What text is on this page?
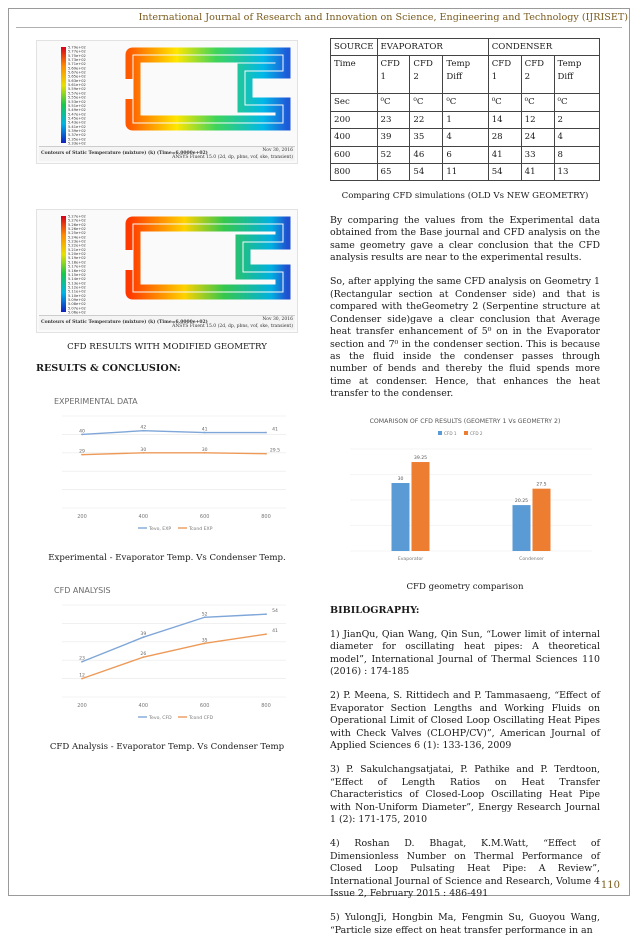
International Journal of Research and Innovation on Science, Engineering and Technology (IJRISET)
5.79e+02
5.77e+02
5.75e+02
5.73e+02
5.71e+02
5.69e+02
5.67e+02
5.65e+02
5.63e+02
5.61e+02
5.59e+02
5.57e+02
5.55e+02
5.53e+02
5.51e+02
5.49e+02
5.47e+02
5.45e+02
5.43e+02
5.41e+02
5.39e+02
5.37e+02
5.35e+02
5.33e+02
Contours of Static Temperature (mixture) (k) (Time=6.0000e+02)
Nov 30, 2016
ANSYS Fluent 15.0 (2d, dp, pbns, vof, ske, transient)
5.27e+02
5.27e+02
5.26e+02
5.26e+02
5.25e+02
5.24e+02
5.23e+02
5.22e+02
5.21e+02
5.20e+02
5.19e+02
5.18e+02
5.17e+02
5.16e+02
5.15e+02
5.14e+02
5.13e+02
5.12e+02
5.11e+02
5.10e+02
5.09e+02
5.08e+02
5.07e+02
5.06e+02
Contours of Static Temperature (mixture) (k) (Time=6.0000e+02)
Nov 30, 2016
ANSYS Fluent 15.0 (2d, dp, pbns, vof, ske, transient)
CFD RESULTS WITH MODIFIED GEOMETRY
RESULTS & CONCLUSION:
EXPERIMENTAL DATA
200	400	600	800
40
42	41	41
29	30	30	29.5
Tevo, EXP	Tcond EXP
Experimental - Evaporator Temp. Vs Condenser Temp.
CFD ANALYSIS
200	400	600	800
23
39
52
54
12
26
35
41
Tevo, CFD	Tcond CFD
CFD Analysis - Evaporator Temp. Vs Condenser Temp
SOURCE	EVAPORATOR			CONDENSER		
Time	CFD 1	CFD 2	Temp Diff	CFD 1	CFD 2	Temp Diff
Sec	⁰C	⁰C	⁰C	⁰C	⁰C	⁰C
200	23	22	1	14	12	2
400	39	35	4	28	24	4
600	52	46	6	41	33	8
800	65	54	11	54	41	13
Comparing CFD simulations (OLD Vs NEW GEOMETRY)

By comparing the values from the Experimental data obtained from the Base journal and CFD analysis on the same geometry gave a clear conclusion that the CFD analysis results are near to the experimental results.

So, after applying the same CFD analysis on Geometry 1 (Rectangular section at Condenser side) and that is compared with theGeometry 2 (Serpentine structure at Condenser side)gave a clear conclusion that Average heat transfer enhancement of 5⁰ on in the Evaporator section and 7⁰ in the condenser section. This is because as the fluid inside the condenser passes through number of bends and thereby the fluid spends more time at condenser. Hence, that enhances the heat transfer to the condenser.

COMARISON OF CFD RESULTS (GEOMETRY 1 Vs GEOMETRY 2)
CFD 1	CFD 2
30
39.25
Evaporator
20.25
27.5
Condenser
CFD geometry comparison
BIBILOGRAPHY:

1) JianQu, Qian Wang, Qin Sun, “Lower limit of internal diameter for oscillating heat pipes: A theoretical model”, International Journal of Thermal Sciences 110 (2016) : 174-185

2) P. Meena, S. Rittidech and P. Tammasaeng, “Effect of Evaporator Section Lengths and Working Fluids on Operational Limit of Closed Loop Oscillating Heat Pipes with Check Valves (CLOHP/CV)”, American Journal of Applied Sciences 6 (1): 133-136, 2009

3) P. Sakulchangsatjatai, P. Pathike and P. Terdtoon, “Effect of Length Ratios on Heat Transfer Characteristics of Closed-Loop Oscillating Heat Pipe with Non-Uniform Diameter”, Energy Research Journal 1 (2): 171-175, 2010

4) Roshan D. Bhagat, K.M.Watt, “Effect of Dimensionless Number on Thermal Performance of Closed Loop Pulsating Heat Pipe: A Review”, International Journal of Science and Research, Volume 4 Issue 2, February 2015 : 486-491

5) YulongJi, Hongbin Ma, Fengmin Su, Guoyou Wang, “Particle size effect on heat transfer performance in an

110
